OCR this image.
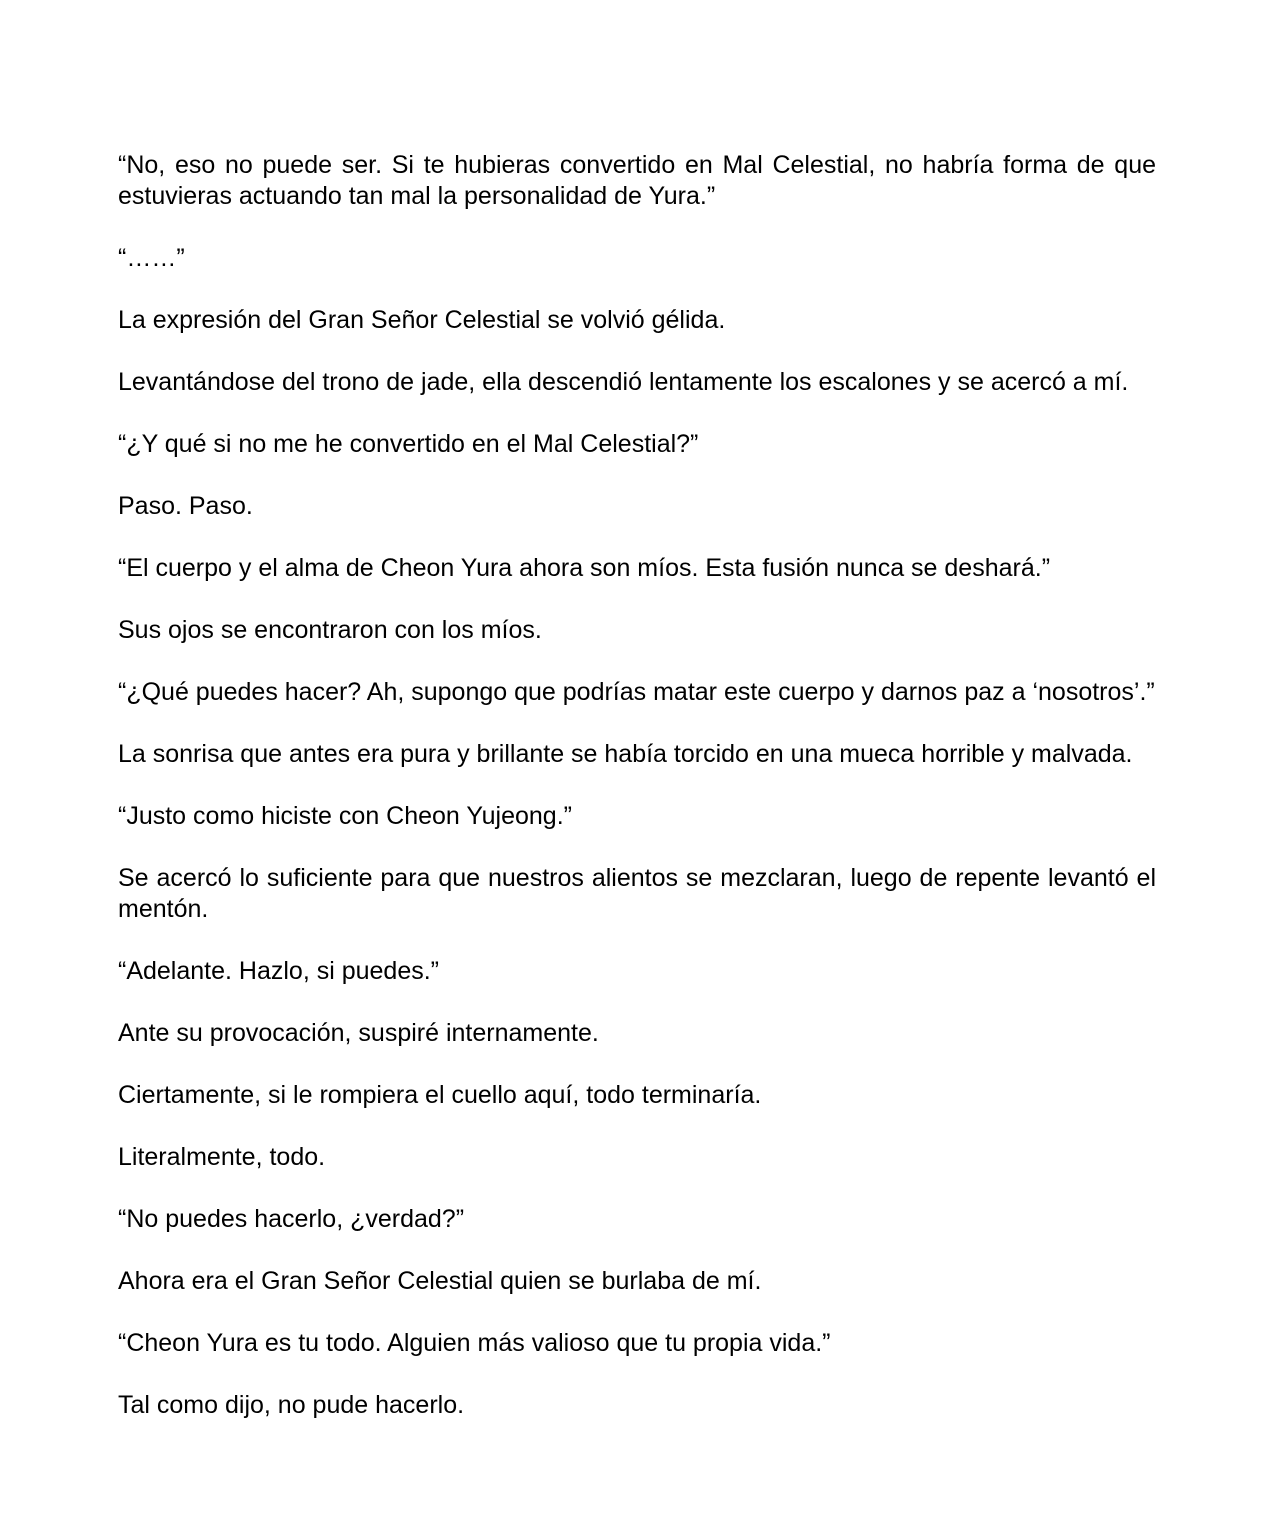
“No, eso no puede ser. Si te hubieras convertido en Mal Celestial, no habría forma de que estuvieras actuando tan mal la personalidad de Yura.”

“……”

La expresión del Gran Señor Celestial se volvió gélida.

Levantándose del trono de jade, ella descendió lentamente los escalones y se acercó a mí.

“¿Y qué si no me he convertido en el Mal Celestial?”

Paso. Paso.

“El cuerpo y el alma de Cheon Yura ahora son míos. Esta fusión nunca se deshará.”

Sus ojos se encontraron con los míos.

“¿Qué puedes hacer? Ah, supongo que podrías matar este cuerpo y darnos paz a ‘nosotros’.”

La sonrisa que antes era pura y brillante se había torcido en una mueca horrible y malvada.

“Justo como hiciste con Cheon Yujeong.”

Se acercó lo suficiente para que nuestros alientos se mezclaran, luego de repente levantó el mentón.

“Adelante. Hazlo, si puedes.”

Ante su provocación, suspiré internamente.

Ciertamente, si le rompiera el cuello aquí, todo terminaría.

Literalmente, todo.

“No puedes hacerlo, ¿verdad?”

Ahora era el Gran Señor Celestial quien se burlaba de mí.

“Cheon Yura es tu todo. Alguien más valioso que tu propia vida.”

Tal como dijo, no pude hacerlo.
